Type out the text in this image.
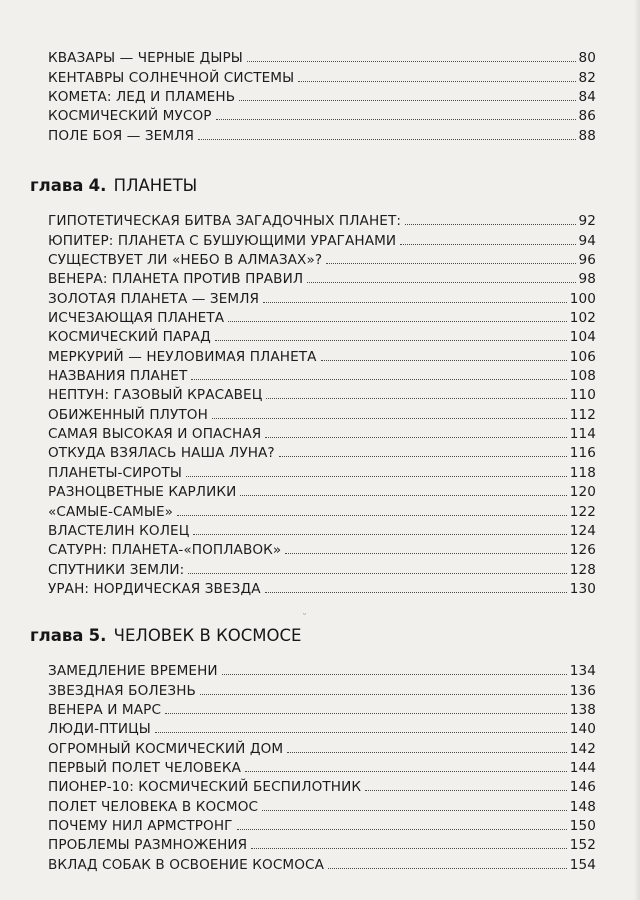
КВАЗАРЫ — ЧЕРНЫЕ ДЫРЫ	80
КЕНТАВРЫ СОЛНЕЧНОЙ СИСТЕМЫ	82
КОМЕТА: ЛЕД И ПЛАМЕНЬ	84
КОСМИЧЕСКИЙ МУСОР	86
ПОЛЕ БОЯ — ЗЕМЛЯ	88
глава 4. ПЛАНЕТЫ
ГИПОТЕТИЧЕСКАЯ БИТВА ЗАГАДОЧНЫХ ПЛАНЕТ:	92
ЮПИТЕР: ПЛАНЕТА С БУШУЮЩИМИ УРАГАНАМИ	94
СУЩЕСТВУЕТ ЛИ «НЕБО В АЛМАЗАХ»?	96
ВЕНЕРА: ПЛАНЕТА ПРОТИВ ПРАВИЛ	98
ЗОЛОТАЯ ПЛАНЕТА — ЗЕМЛЯ	100
ИСЧЕЗАЮЩАЯ ПЛАНЕТА	102
КОСМИЧЕСКИЙ ПАРАД	104
МЕРКУРИЙ — НЕУЛОВИМАЯ ПЛАНЕТА	106
НАЗВАНИЯ ПЛАНЕТ	108
НЕПТУН: ГАЗОВЫЙ КРАСАВЕЦ	110
ОБИЖЕННЫЙ ПЛУТОН	112
САМАЯ ВЫСОКАЯ И ОПАСНАЯ	114
ОТКУДА ВЗЯЛАСЬ НАША ЛУНА?	116
ПЛАНЕТЫ-СИРОТЫ	118
РАЗНОЦВЕТНЫЕ КАРЛИКИ	120
«САМЫЕ-САМЫЕ»	122
ВЛАСТЕЛИН КОЛЕЦ	124
САТУРН: ПЛАНЕТА-«ПОПЛАВОК»	126
СПУТНИКИ ЗЕМЛИ:	128
УРАН: НОРДИЧЕСКАЯ ЗВЕЗДА	130
ᵕ
глава 5. ЧЕЛОВЕК В КОСМОСЕ
ЗАМЕДЛЕНИЕ ВРЕМЕНИ	134
ЗВЕЗДНАЯ БОЛЕЗНЬ	136
ВЕНЕРА И МАРС	138
ЛЮДИ-ПТИЦЫ	140
ОГРОМНЫЙ КОСМИЧЕСКИЙ ДОМ	142
ПЕРВЫЙ ПОЛЕТ ЧЕЛОВЕКА	144
ПИОНЕР-10: КОСМИЧЕСКИЙ БЕСПИЛОТНИК	146
ПОЛЕТ ЧЕЛОВЕКА В КОСМОС	148
ПОЧЕМУ НИЛ АРМСТРОНГ	150
ПРОБЛЕМЫ РАЗМНОЖЕНИЯ	152
ВКЛАД СОБАК В ОСВОЕНИЕ КОСМОСА	154
